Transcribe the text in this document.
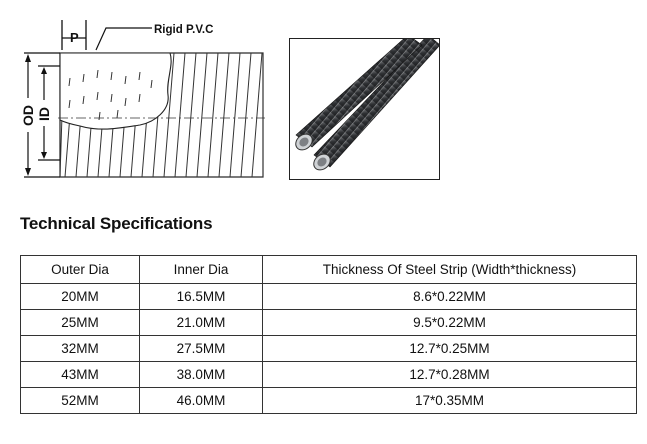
P	Rigid P.V.C
OD ID
Technical Specifications
Outer Dia	Inner Dia	Thickness Of Steel Strip (Width*thickness)
20MM	16.5MM	8.6*0.22MM
25MM	21.0MM	9.5*0.22MM
32MM	27.5MM	12.7*0.25MM
43MM	38.0MM	12.7*0.28MM
52MM	46.0MM	17*0.35MM
